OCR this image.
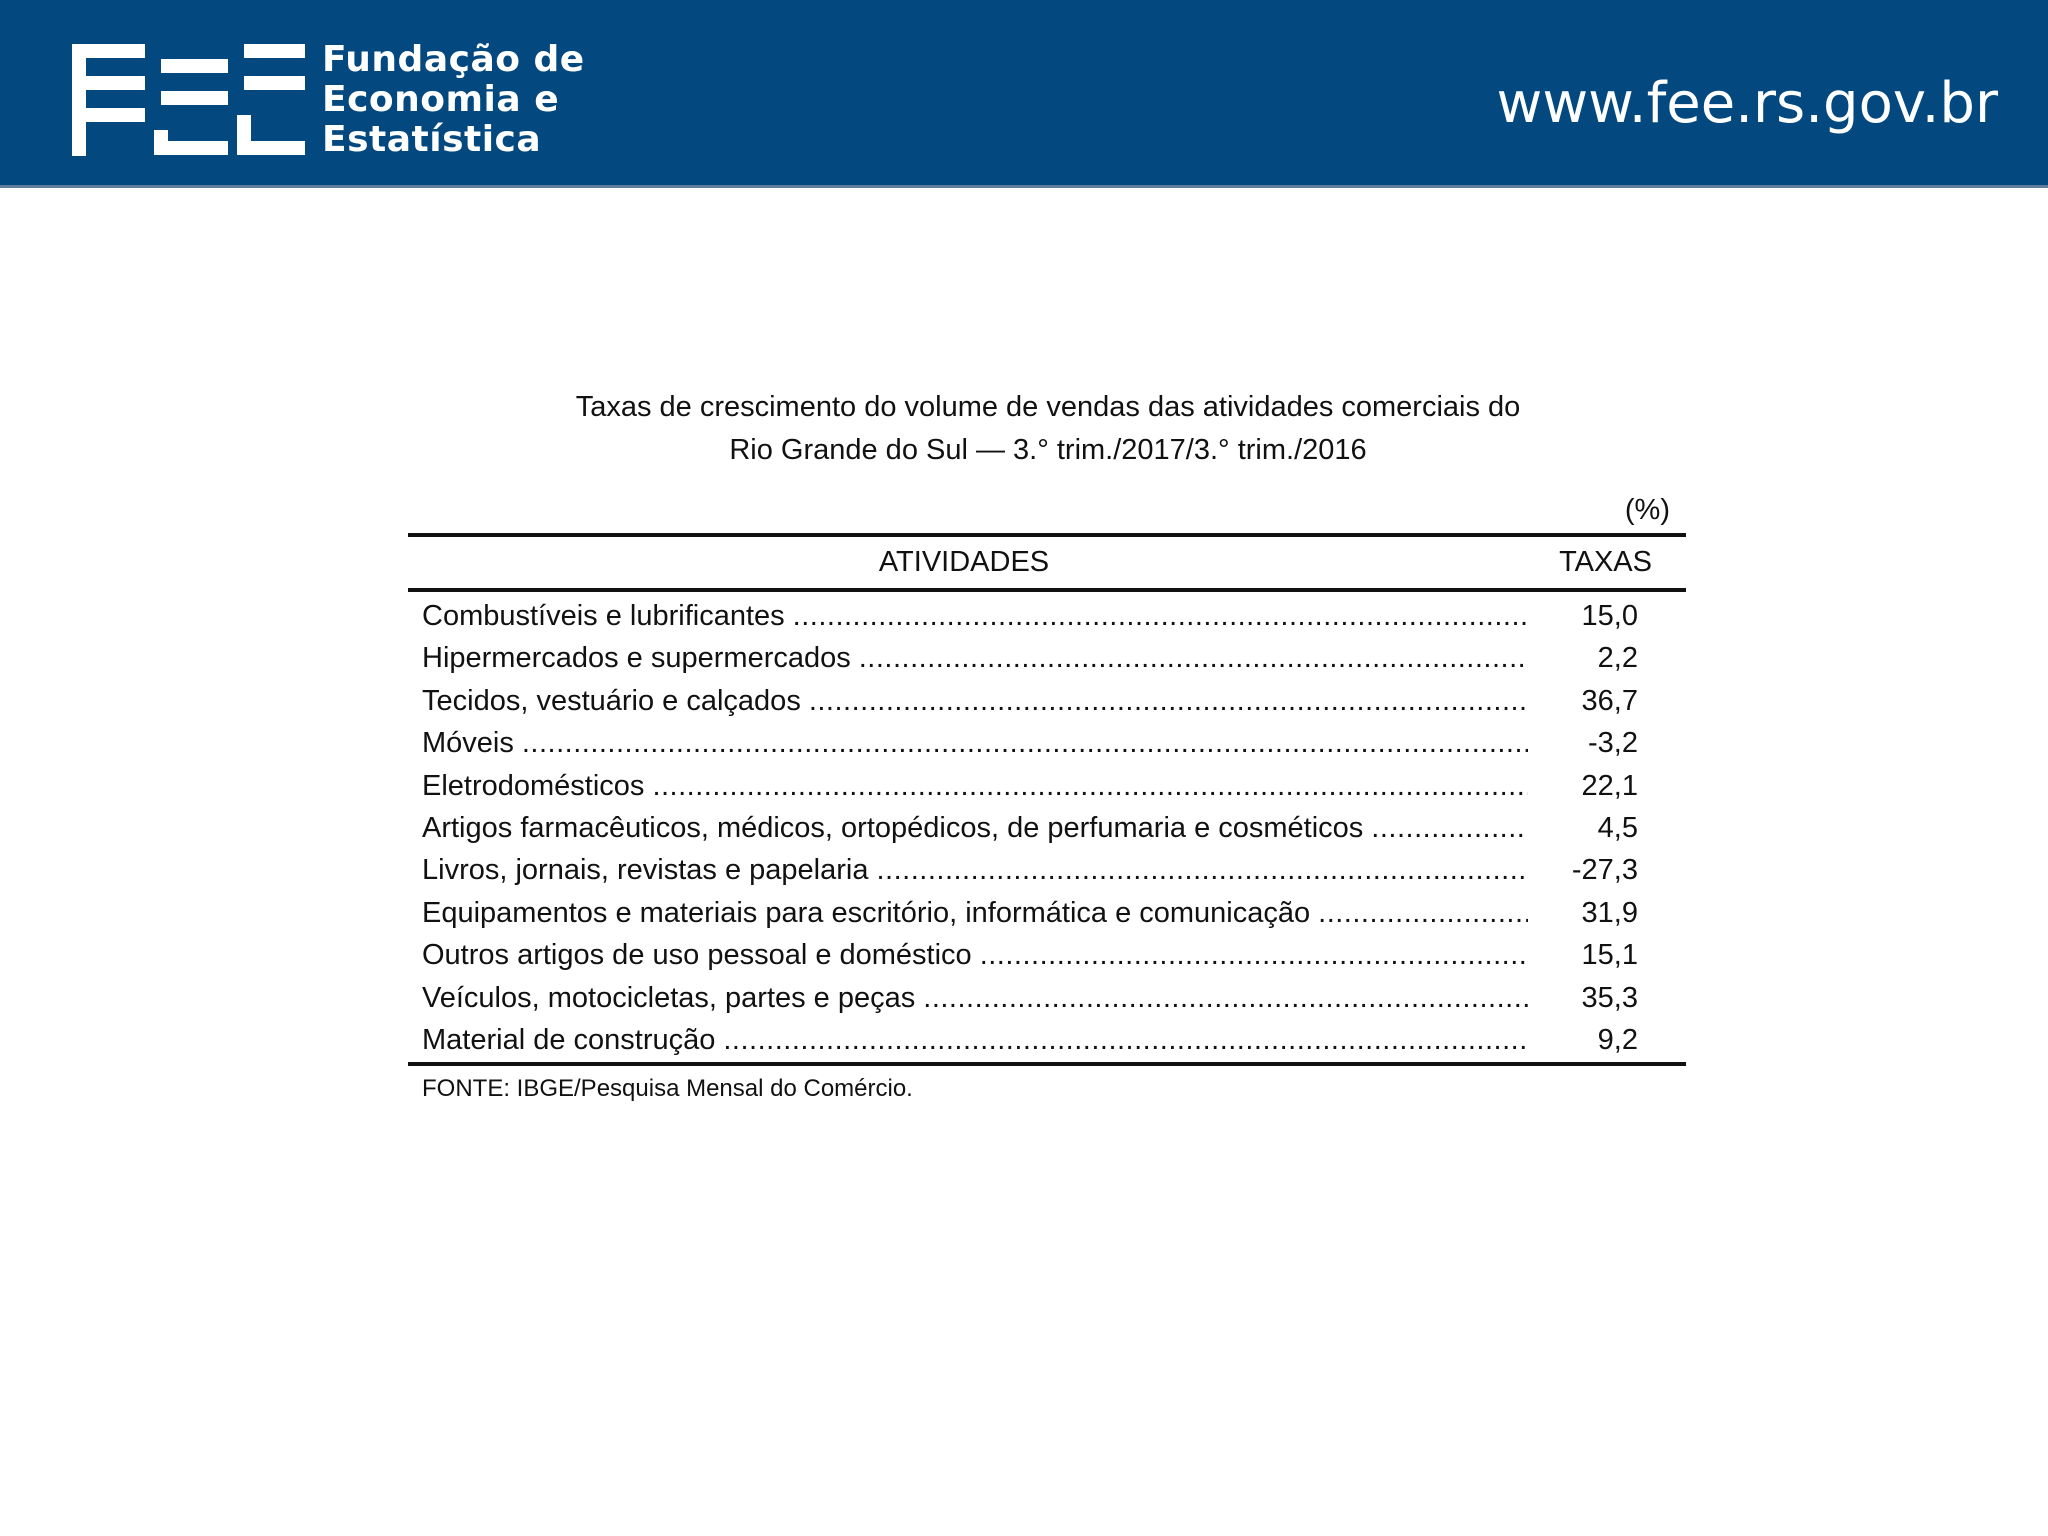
Fundação de
Economia e
Estatística
www.fee.rs.gov.br
Taxas de crescimento do volume de vendas das atividades comerciais do
Rio Grande do Sul — 3.° trim./2017/3.° trim./2016
(%)
ATIVIDADES	TAXAS
Combustíveis e lubrificantes .....	15,0
Hipermercados e supermercados .....	2,2
Tecidos, vestuário e calçados .....	36,7
Móveis .....	-3,2
Eletrodomésticos .....	22,1
Artigos farmacêuticos, médicos, ortopédicos, de perfumaria e cosméticos .....	4,5
Livros, jornais, revistas e papelaria .....	-27,3
Equipamentos e materiais para escritório, informática e comunicação .....	31,9
Outros artigos de uso pessoal e doméstico .....	15,1
Veículos, motocicletas, partes e peças .....	35,3
Material de construção .....	9,2
FONTE: IBGE/Pesquisa Mensal do Comércio.
